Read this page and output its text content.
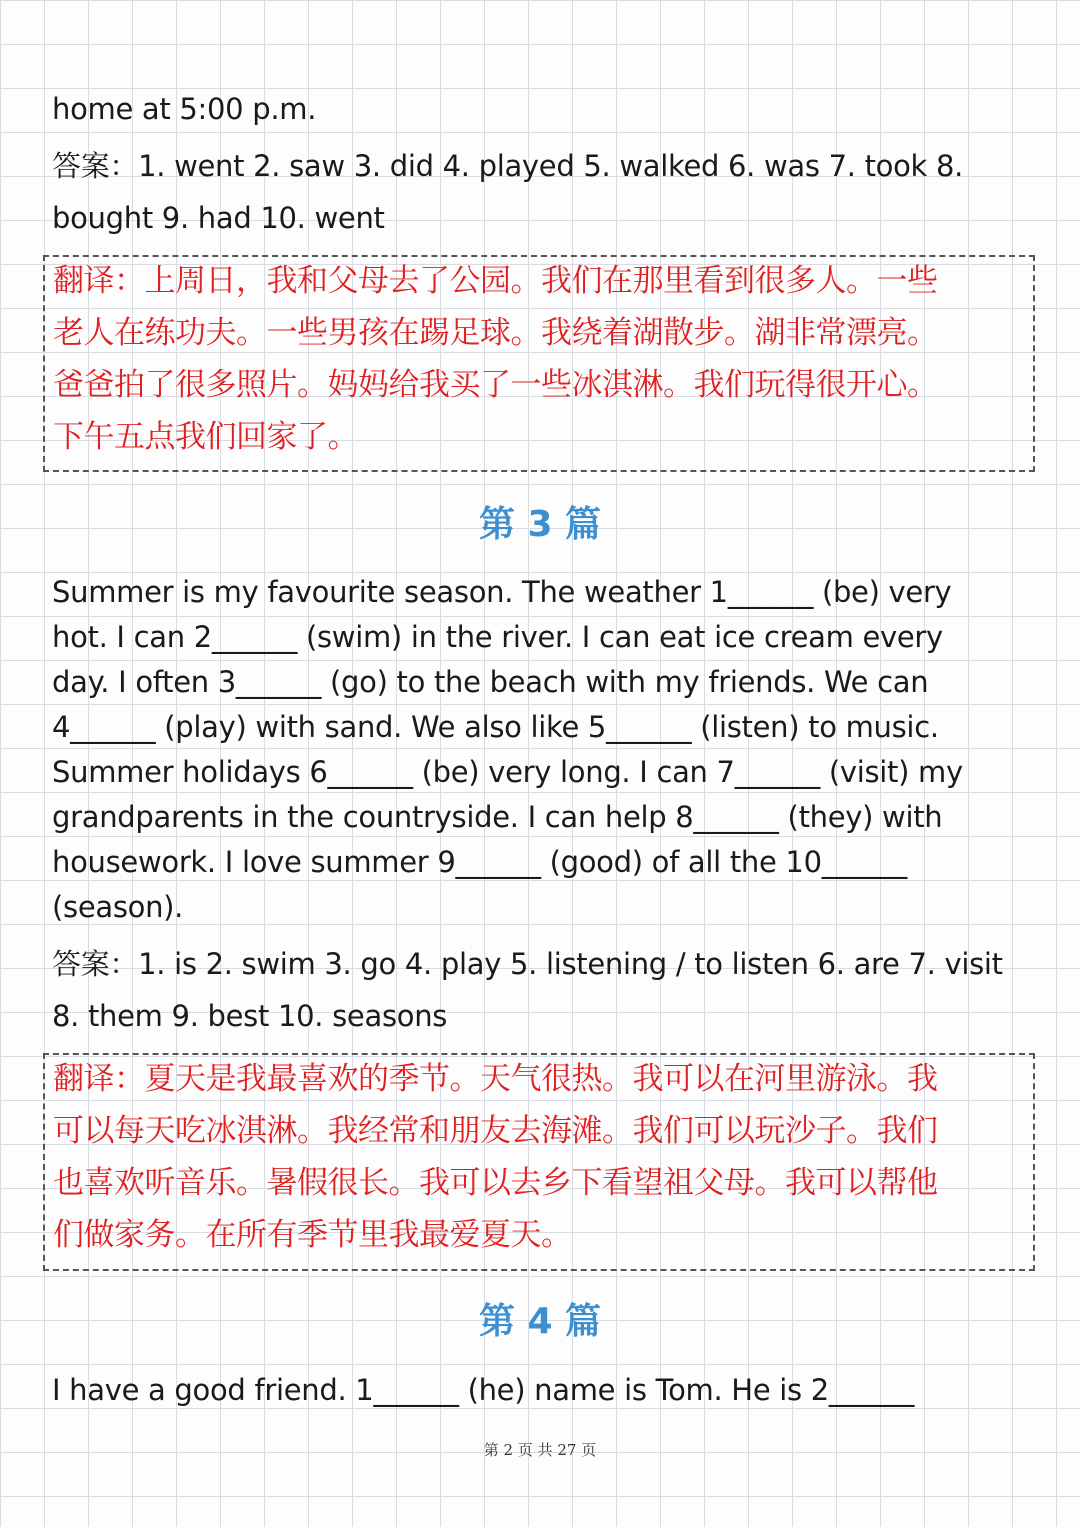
home at 5:00 p.m.
答案：1. went 2. saw 3. did 4. played 5. walked 6. was 7. took 8.
bought 9. had 10. went
翻译：上周日，我和父母去了公园。我们在那里看到很多人。一些
老人在练功夫。一些男孩在踢足球。我绕着湖散步。湖非常漂亮。
爸爸拍了很多照片。妈妈给我买了一些冰淇淋。我们玩得很开心。
下午五点我们回家了。
第 3 篇
Summer is my favourite season. The weather 1______ (be) very
hot. I can 2______ (swim) in the river. I can eat ice cream every
day. I often 3______ (go) to the beach with my friends. We can
4______ (play) with sand. We also like 5______ (listen) to music.
Summer holidays 6______ (be) very long. I can 7______ (visit) my
grandparents in the countryside. I can help 8______ (they) with
housework. I love summer 9______ (good) of all the 10______
(season).
答案：1. is 2. swim 3. go 4. play 5. listening / to listen 6. are 7. visit
8. them 9. best 10. seasons
翻译：夏天是我最喜欢的季节。天气很热。我可以在河里游泳。我
可以每天吃冰淇淋。我经常和朋友去海滩。我们可以玩沙子。我们
也喜欢听音乐。暑假很长。我可以去乡下看望祖父母。我可以帮他
们做家务。在所有季节里我最爱夏天。
第 4 篇
I have a good friend. 1______ (he) name is Tom. He is 2______
第 2 页 共 27 页
